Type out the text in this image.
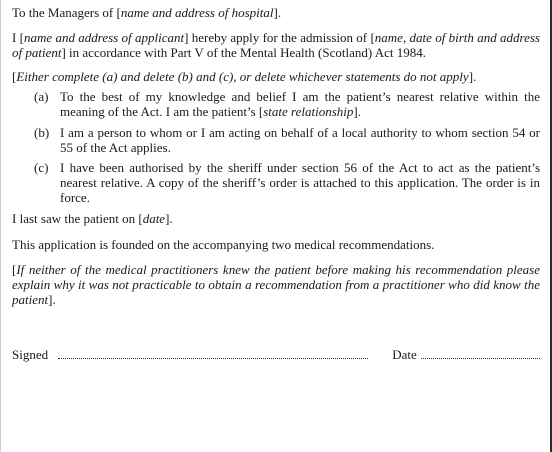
To the Managers of [name and address of hospital].

I [name and address of applicant] hereby apply for the admission of [name, date of birth and address of patient] in accordance with Part V of the Mental Health (Scotland) Act 1984.

[Either complete (a) and delete (b) and (c), or delete whichever statements do not apply].

(a) To the best of my knowledge and belief I am the patient’s nearest relative within the meaning of the Act. I am the patient’s [state relationship].
(b) I am a person to whom or I am acting on behalf of a local authority to whom section 54 or 55 of the Act applies.
(c) I have been authorised by the sheriff under section 56 of the Act to act as the patient’s nearest relative. A copy of the sheriff’s order is attached to this application. The order is in force.

I last saw the patient on [date].

This application is founded on the accompanying two medical recommendations.

[If neither of the medical practitioners knew the patient before making his recommendation please explain why it was not practicable to obtain a recommendation from a practitioner who did know the patient].

Signed	Date
